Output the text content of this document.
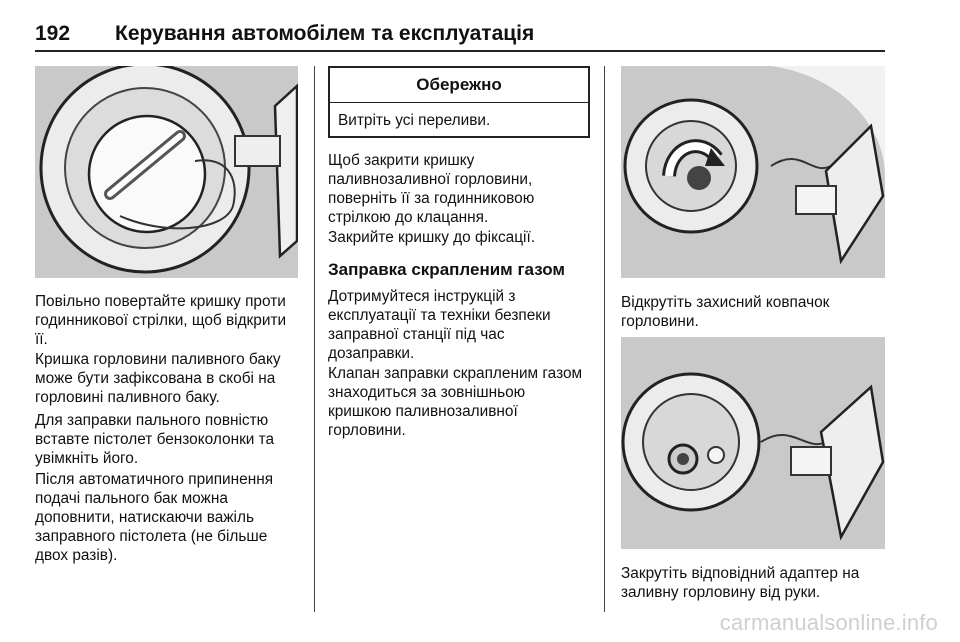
192 Керування автомобілем та експлуатація

Повільно повертайте кришку проти годинникової стрілки, щоб відкрити її.

Кришка горловини паливного баку може бути зафіксована в скобі на горловині паливного баку.

Для заправки пального повністю вставте пістолет бензоколонки та увімкніть його.

Після автоматичного припинення подачі пального бак можна доповнити, натискаючи важіль заправного пістолета (не більше двох разів).

Обережно
Витріть усі переливи.

Щоб закрити кришку паливнозаливної горловини, поверніть її за годинниковою стрілкою до клацання.

Закрийте кришку до фіксації.

Заправка скрапленим газом

Дотримуйтеся інструкцій з експлуатації та техніки безпеки заправної станції під час дозаправки.

Клапан заправки скрапленим газом знаходиться за зовнішньою кришкою паливнозаливної горловини.

Відкрутіть захисний ковпачок горловини.

Закрутіть відповідний адаптер на заливну горловину від руки.

carmanualsonline.info
